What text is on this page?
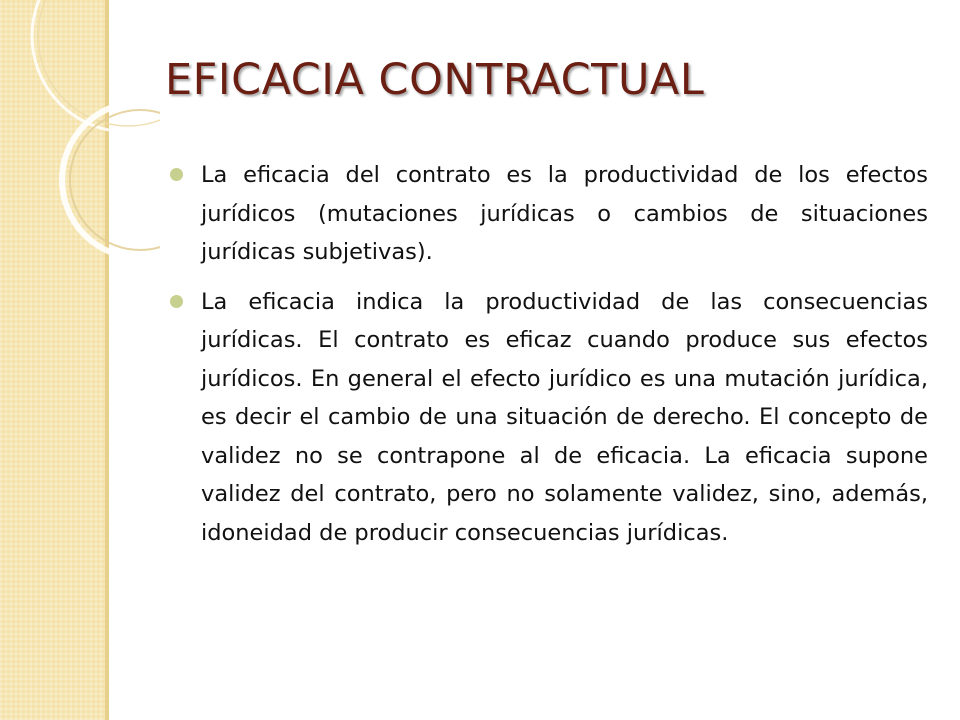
EFICACIA CONTRACTUAL
La eficacia del contrato es la productividad de los efectos jurídicos (mutaciones jurídicas o cambios de situaciones jurídicas subjetivas).
La eficacia indica la productividad de las consecuencias jurídicas. El contrato es eficaz cuando produce sus efectos jurídicos. En general el efecto jurídico es una mutación jurídica, es decir el cambio de una situación de derecho. El concepto de validez no se contrapone al de eficacia. La eficacia supone validez del contrato, pero no solamente validez, sino, además, idoneidad de producir consecuencias jurídicas.
